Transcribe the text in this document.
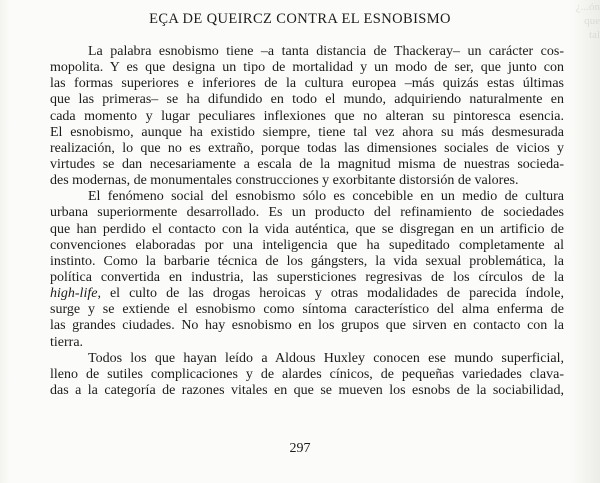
¿...ón
que
tal

EÇA DE QUEIRCZ CONTRA EL ESNOBISMO
La palabra esnobismo tiene –a tanta distancia de Thackeray– un carácter cos-
mopolita. Y es que designa un tipo de mortalidad y un modo de ser, que junto con
las formas superiores e inferiores de la cultura europea –más quizás estas últimas
que las primeras– se ha difundido en todo el mundo, adquiriendo naturalmente en
cada momento y lugar peculiares inflexiones que no alteran su pintoresca esencia.
El esnobismo, aunque ha existido siempre, tiene tal vez ahora su más desmesurada
realización, lo que no es extraño, porque todas las dimensiones sociales de vicios y
virtudes se dan necesariamente a escala de la magnitud misma de nuestras socieda-
des modernas, de monumentales construcciones y exorbitante distorsión de valores.
El fenómeno social del esnobismo sólo es concebible en un medio de cultura
urbana superiormente desarrollado. Es un producto del refinamiento de sociedades
que han perdido el contacto con la vida auténtica, que se disgregan en un artificio de
convenciones elaboradas por una inteligencia que ha supeditado completamente al
instinto. Como la barbarie técnica de los gángsters, la vida sexual problemática, la
política convertida en industria, las supersticiones regresivas de los círculos de la
high-life, el culto de las drogas heroicas y otras modalidades de parecida índole,
surge y se extiende el esnobismo como síntoma característico del alma enferma de
las grandes ciudades. No hay esnobismo en los grupos que sirven en contacto con la
tierra.
Todos los que hayan leído a Aldous Huxley conocen ese mundo superficial,
lleno de sutiles complicaciones y de alardes cínicos, de pequeñas variedades clava-
das a la categoría de razones vitales en que se mueven los esnobs de la sociabilidad,
297
